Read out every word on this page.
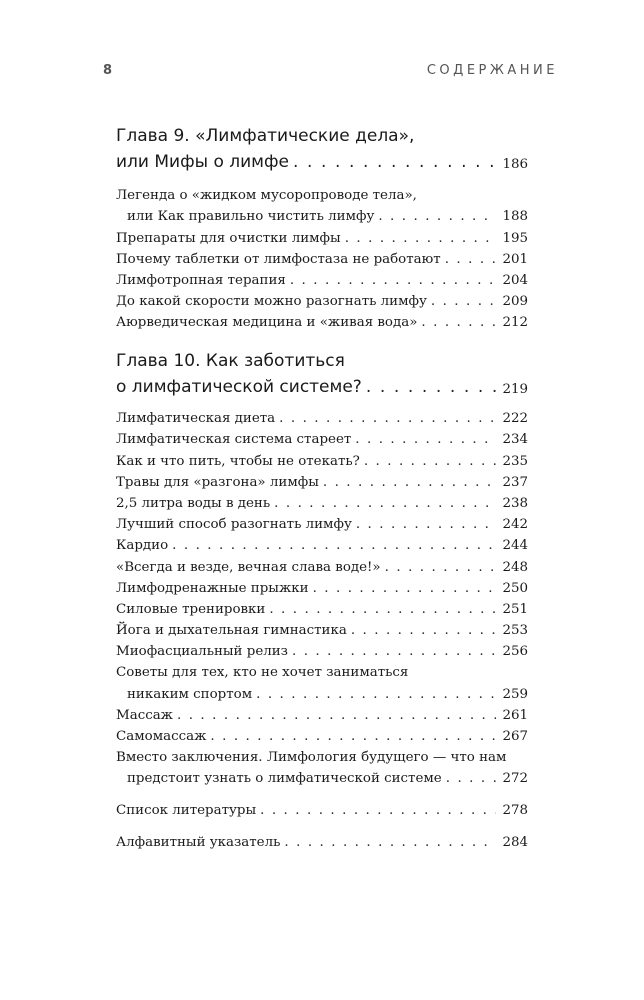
8	СОДЕРЖАНИЕ
Глава 9. «Лимфатические дела»,
или Мифы о лимфе . . .	186
Легенда о «жидком мусоропроводе тела»,
или Как правильно чистить лимфу . . .	188
Препараты для очистки лимфы . . .	195
Почему таблетки от лимфостаза не работают . . .	201
Лимфотропная терапия . . .	204
До какой скорости можно разогнать лимфу . . .	209
Аюрведическая медицина и «живая вода» . . .	212
Глава 10. Как заботиться
о лимфатической системе? . . .	219
Лимфатическая диета . . .	222
Лимфатическая система стареет . . .	234
Как и что пить, чтобы не отекать? . . .	235
Травы для «разгона» лимфы . . .	237
2,5 литра воды в день . . .	238
Лучший способ разогнать лимфу . . .	242
Кардио . . .	244
«Всегда и везде, вечная слава воде!» . . .	248
Лимфодренажные прыжки . . .	250
Силовые тренировки . . .	251
Йога и дыхательная гимнастика . . .	253
Миофасциальный релиз . . .	256
Советы для тех, кто не хочет заниматься
никаким спортом . . .	259
Массаж . . .	261
Самомассаж . . .	267
Вместо заключения. Лимфология будущего — что нам
предстоит узнать о лимфатической системе . . .	272
Список литературы . . .	278
Алфавитный указатель . . .	284
